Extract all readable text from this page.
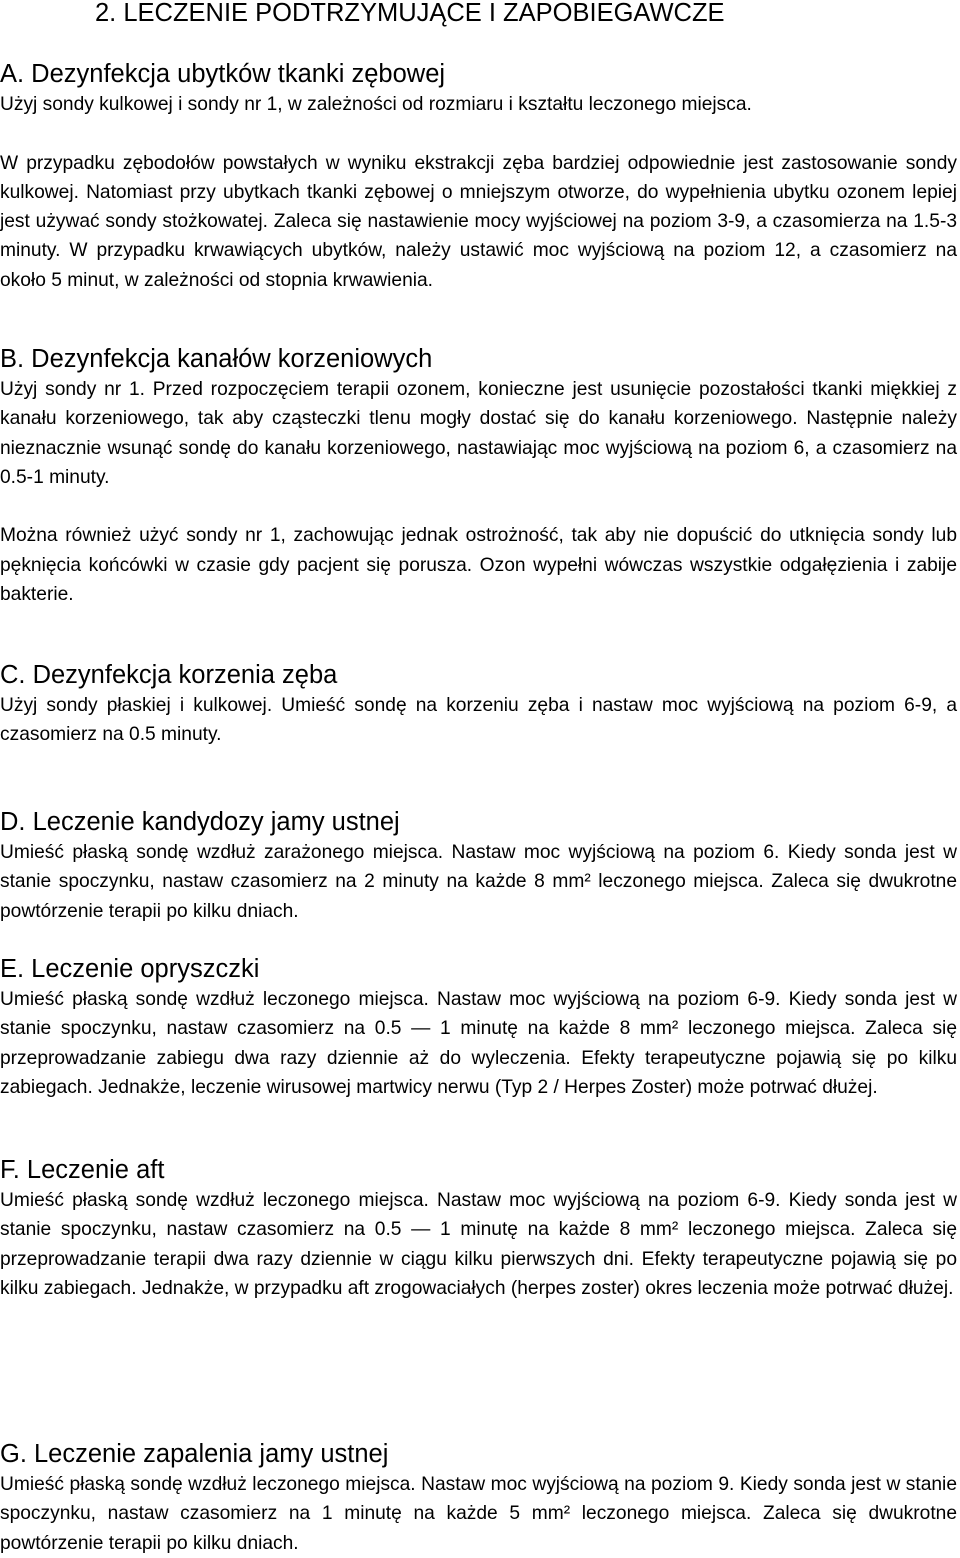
2. LECZENIE PODTRZYMUJĄCE I ZAPOBIEGAWCZE
A. Dezynfekcja ubytków tkanki zębowej

Użyj sondy kulkowej i sondy nr 1, w zależności od rozmiaru i kształtu leczonego miejsca.

W przypadku zębodołów powstałych w wyniku ekstrakcji zęba bardziej odpowiednie jest zastosowanie sondy kulkowej. Natomiast przy ubytkach tkanki zębowej o mniejszym otworze, do wypełnienia ubytku ozonem lepiej jest używać sondy stożkowatej. Zaleca się nastawienie mocy wyjściowej na poziom 3-9, a czasomierza na 1.5-3 minuty. W przypadku krwawiących ubytków, należy ustawić moc wyjściową na poziom 12, a czasomierz na około 5 minut, w zależności od stopnia krwawienia.

B. Dezynfekcja kanałów korzeniowych

Użyj sondy nr 1. Przed rozpoczęciem terapii ozonem, konieczne jest usunięcie pozostałości tkanki miękkiej z kanału korzeniowego, tak aby cząsteczki tlenu mogły dostać się do kanału korzeniowego. Następnie należy nieznacznie wsunąć sondę do kanału korzeniowego, nastawiając moc wyjściową na poziom 6, a czasomierz na 0.5-1 minuty.

Można również użyć sondy nr 1, zachowując jednak ostrożność, tak aby nie dopuścić do utknięcia sondy lub pęknięcia końcówki w czasie gdy pacjent się porusza. Ozon wypełni wówczas wszystkie odgałęzienia i zabije bakterie.

C. Dezynfekcja korzenia zęba

Użyj sondy płaskiej i kulkowej. Umieść sondę na korzeniu zęba i nastaw moc wyjściową na poziom 6-9, a czasomierz na 0.5 minuty.

D. Leczenie kandydozy jamy ustnej

Umieść płaską sondę wzdłuż zarażonego miejsca. Nastaw moc wyjściową na poziom 6. Kiedy sonda jest w stanie spoczynku, nastaw czasomierz na 2 minuty na każde 8 mm² leczonego miejsca. Zaleca się dwukrotne powtórzenie terapii po kilku dniach.

E. Leczenie opryszczki

Umieść płaską sondę wzdłuż leczonego miejsca. Nastaw moc wyjściową na poziom 6-9. Kiedy sonda jest w stanie spoczynku, nastaw czasomierz na 0.5 — 1 minutę na każde 8 mm² leczonego miejsca. Zaleca się przeprowadzanie zabiegu dwa razy dziennie aż do wyleczenia. Efekty terapeutyczne pojawią się po kilku zabiegach. Jednakże, leczenie wirusowej martwicy nerwu (Typ 2 / Herpes Zoster) może potrwać dłużej.

F. Leczenie aft

Umieść płaską sondę wzdłuż leczonego miejsca. Nastaw moc wyjściową na poziom 6-9. Kiedy sonda jest w stanie spoczynku, nastaw czasomierz na 0.5 — 1 minutę na każde 8 mm² leczonego miejsca. Zaleca się przeprowadzanie terapii dwa razy dziennie w ciągu kilku pierwszych dni. Efekty terapeutyczne pojawią się po kilku zabiegach. Jednakże, w przypadku aft zrogowaciałych (herpes zoster) okres leczenia może potrwać dłużej.

G. Leczenie zapalenia jamy ustnej

Umieść płaską sondę wzdłuż leczonego miejsca. Nastaw moc wyjściową na poziom 9. Kiedy sonda jest w stanie spoczynku, nastaw czasomierz na 1 minutę na każde 5 mm² leczonego miejsca. Zaleca się dwukrotne powtórzenie terapii po kilku dniach.
